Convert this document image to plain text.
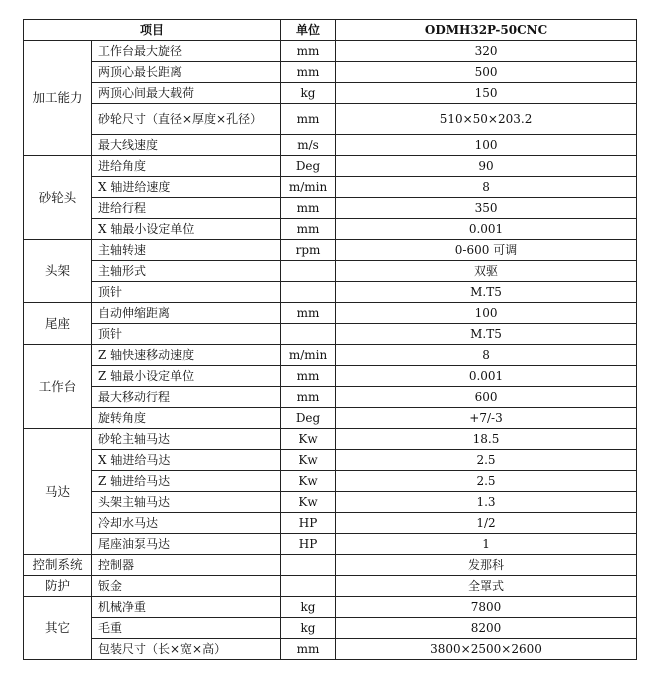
项目		单位	ODMH32P-50CNC
加工能力	工作台最大旋径	mm	320
	两顶心最长距离	mm	500
	两顶心间最大载荷	kg	150
	砂轮尺寸（直径×厚度×孔径）	mm	510×50×203.2
	最大线速度	m/s	100
砂轮头	进给角度	Deg	90
	X 轴进给速度	m/min	8
	进给行程	mm	350
	X 轴最小设定单位	mm	0.001
头架	主轴转速	rpm	0-600 可调
	主轴形式		双驱
	顶针		M.T5
尾座	自动伸缩距离	mm	100
	顶针		M.T5
工作台	Z 轴快速移动速度	m/min	8
	Z 轴最小设定单位	mm	0.001
	最大移动行程	mm	600
	旋转角度	Deg	+7/-3
马达	砂轮主轴马达	Kw	18.5
	X 轴进给马达	Kw	2.5
	Z 轴进给马达	Kw	2.5
	头架主轴马达	Kw	1.3
	冷却水马达	HP	1/2
	尾座油泵马达	HP	1
控制系统	控制器		发那科
防护	钣金		全罩式
其它	机械净重	kg	7800
	毛重	kg	8200
	包装尺寸（长×宽×高）	mm	3800×2500×2600
